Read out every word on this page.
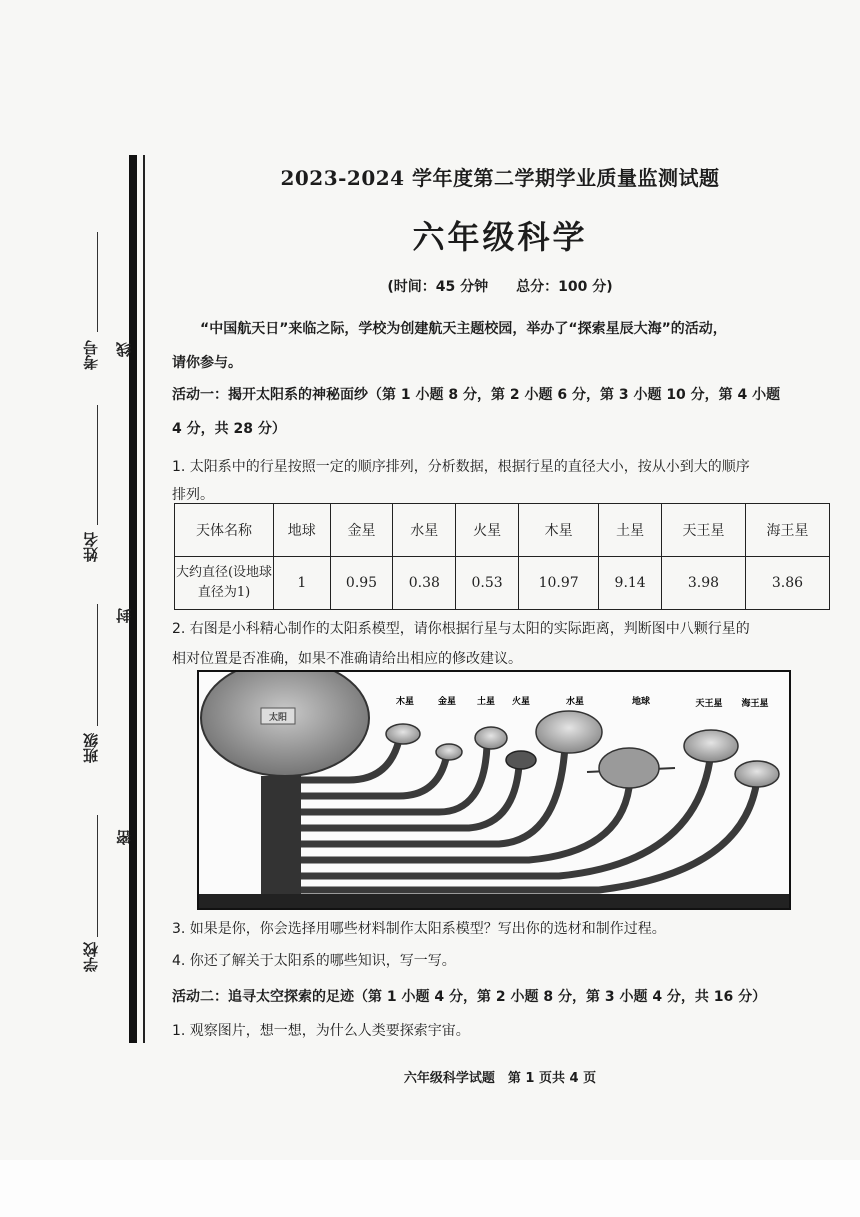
考号 线
姓名
封
班级
密
学校
2023-2024 学年度第二学期学业质量监测试题
六年级科学
(时间：45 分钟　　总分：100 分)
“中国航天日”来临之际，学校为创建航天主题校园，举办了“探索星辰大海”的活动，
请你参与。
活动一：揭开太阳系的神秘面纱（第 1 小题 8 分，第 2 小题 6 分，第 3 小题 10 分，第 4 小题
4 分，共 28 分）
1. 太阳系中的行星按照一定的顺序排列，分析数据，根据行星的直径大小，按从小到大的顺序
排列。
天体名称	地球	金星	水星	火星	木星	土星	天王星	海王星
大约直径(设地球直径为1)	1	0.95	0.38	0.53	10.97	9.14	3.98	3.86
2. 右图是小科精心制作的太阳系模型，请你根据行星与太阳的实际距离，判断图中八颗行星的
相对位置是否准确，如果不准确请给出相应的修改建议。
太阳
木星	金星 土星 火星	水星	地球	天王星 海王星
3. 如果是你，你会选择用哪些材料制作太阳系模型？写出你的选材和制作过程。
4. 你还了解关于太阳系的哪些知识，写一写。
活动二：追寻太空探索的足迹（第 1 小题 4 分，第 2 小题 8 分，第 3 小题 4 分，共 16 分）
1. 观察图片，想一想，为什么人类要探索宇宙。
六年级科学试题　第 1 页共 4 页
